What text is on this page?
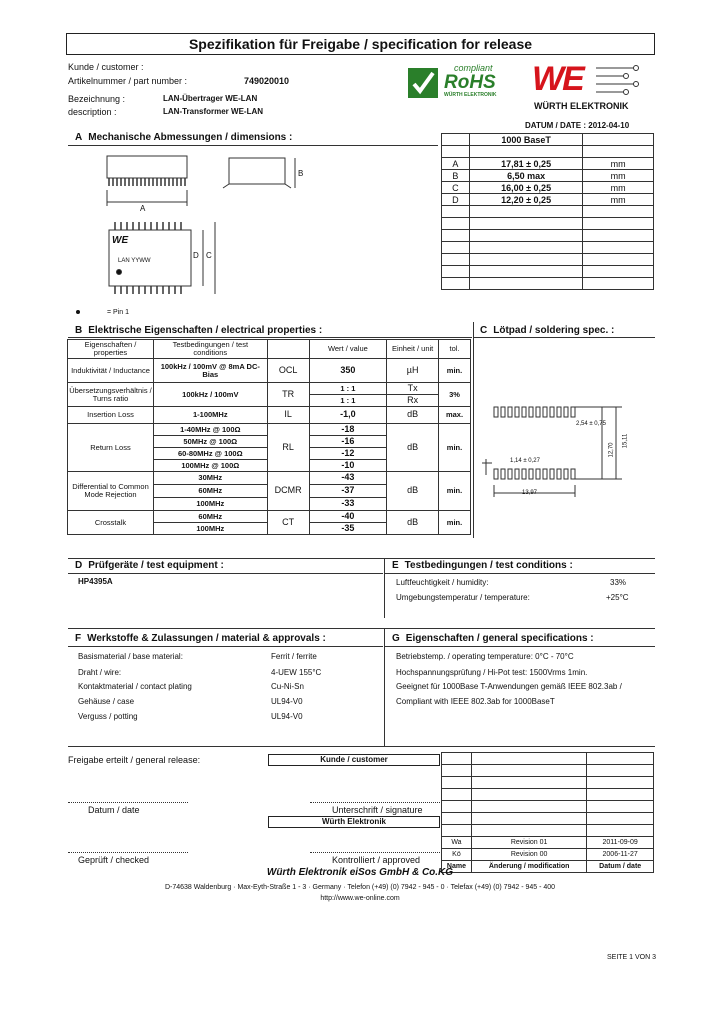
Spezifikation für Freigabe / specification for release
Kunde / customer :
Artikelnummer / part number :	749020010
Bezeichnung :	LAN-Übertrager WE-LAN
description :	LAN-Transformer WE-LAN
DATUM / DATE : 2012-04-10
compliant
RoHS
WÜRTH ELEKTRONIK WE
WÜRTH ELEKTRONIK
A Mechanische Abmessungen / dimensions :
		1000 BaseT	

A	17,81 ± 0,25	mm
B	6,50 max	mm
C	16,00 ± 0,25	mm
D	12,20 ± 0,25	mm

A
B
C
D
WE
LAN YYWW
= Pin 1
B Elektrische Eigenschaften / electrical properties :
Eigenschaften / properties	Testbedingungen / test conditions		Wert / value	Einheit / unit	tol.
Induktivität / Inductance	100kHz / 100mV @ 8mA DC-Bias	OCL	350	µH	min.
Übersetzungsverhältnis / Turns ratio	100kHz / 100mV	TR	1 : 1	Tx	3%
			1 : 1	Rx	
Insertion Loss	1-100MHz	IL	-1,0	dB	max.
Return Loss	1-40MHz @ 100Ω	RL	-18	dB	min.
	50MHz @ 100Ω		-16		
	60-80MHz @ 100Ω		-12		
	100MHz @ 100Ω		-10		
Differential to Common Mode Rejection	30MHz	DCMR	-43	dB	min.
	60MHz		-37		
	100MHz		-33		
Crosstalk	60MHz	CT	-40	dB	min.
	100MHz		-35		
C Lötpad / soldering spec. :
2,54 ± 0,75
12,70
15,11
1,14 ± 0,27
13,97
D Prüfgeräte / test equipment :
HP4395A
E Testbedingungen / test conditions :
Luftfeuchtigkeit / humidity:	33%
Umgebungstemperatur / temperature:	+25°C
F Werkstoffe & Zulassungen / material & approvals :
Basismaterial / base material:	Ferrit / ferrite
Draht / wire:	4-UEW 155°C
Kontaktmaterial / contact plating	Cu-Ni-Sn
Gehäuse / case	UL94-V0
Verguss / potting	UL94-V0
G Eigenschaften / general specifications :
Betriebstemp. / operating temperature: 0°C - 70°C
Hochspannungsprüfung / Hi-Pot test: 1500Vrms 1min.
Geeignet für 1000Base T-Anwendungen gemäß IEEE 802.3ab /
Compliant with IEEE 802.3ab for 1000BaseT
Freigabe erteilt / general release:	Kunde / customer
Datum / date	Unterschrift / signature
Würth Elektronik
Geprüft / checked	Kontrolliert / approved

Wa	Revision 01	2011-09-09
Kö	Revision 00	2006-11-27
Name	Änderung / modification	Datum / date
Würth Elektronik eiSos GmbH & Co.KG
D-74638 Waldenburg · Max-Eyth-Straße 1 - 3 · Germany · Telefon (+49) (0) 7942 - 945 - 0 · Telefax (+49) (0) 7942 - 945 - 400
http://www.we-online.com
SEITE 1 VON 3
